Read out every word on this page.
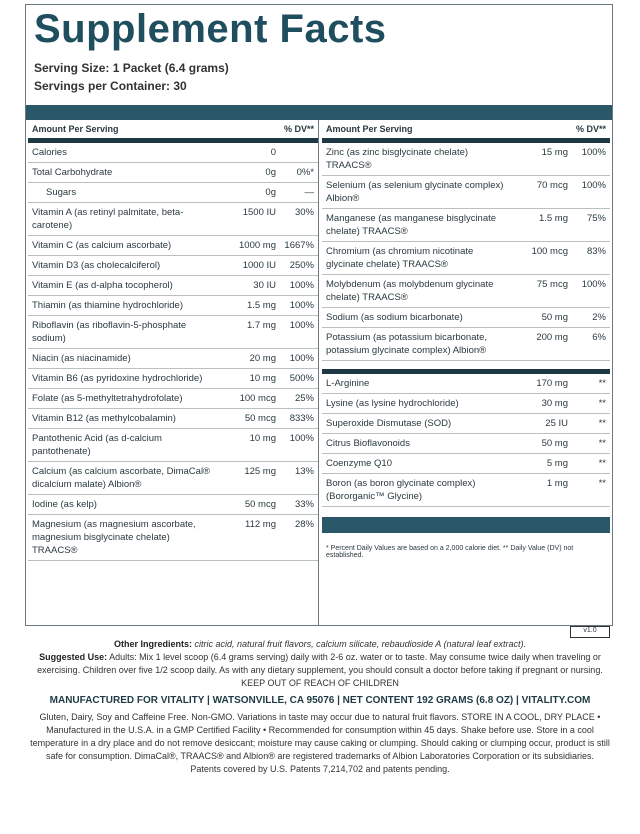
Supplement Facts
Serving Size: 1 Packet (6.4 grams)
Servings per Container: 30
Amount Per Serving	% DV**
Calories	0
Total Carbohydrate	0g	0%*
Sugars	0g	—
Vitamin A (as retinyl palmitate, beta-carotene)
1500 IU	30%
Vitamin C (as calcium ascorbate)	1000 mg 1667%
Vitamin D3 (as cholecalciferol)	1000 IU	250%
Vitamin E (as d-alpha tocopherol)	30 IU	100%
Thiamin (as thiamine hydrochloride)	1.5 mg	100%
Riboflavin (as riboflavin-5-phosphate sodium)
1.7 mg	100%
Niacin (as niacinamide)	20 mg	100%
Vitamin B6 (as pyridoxine hydrochloride)	10 mg	500%
Folate (as 5-methyltetrahydrofolate)	100 mcg	25%
Vitamin B12 (as methylcobalamin)	50 mcg	833%
Pantothenic Acid (as d-calcium pantothenate)
10 mg	100%
Calcium (as calcium ascorbate, DimaCal® dicalcium malate) Albion®
125 mg	13%
Iodine (as kelp)	50 mcg	33%
Magnesium (as magnesium ascorbate, magnesium bisglycinate chelate) TRAACS®
112 mg	28%
Amount Per Serving	% DV**
Zinc (as zinc bisglycinate chelate) TRAACS®
15 mg	100%
Selenium (as selenium glycinate complex) Albion®
70 mcg	100%
Manganese (as manganese bisglycinate chelate) TRAACS®
1.5 mg	75%
Chromium (as chromium nicotinate glycinate chelate) TRAACS®
100 mcg	83%
Molybdenum (as molybdenum glycinate chelate) TRAACS®
75 mcg	100%
Sodium (as sodium bicarbonate)	50 mg	2%
Potassium (as potassium bicarbonate, potassium glycinate complex) Albion®
200 mg	6%
L-Arginine	170 mg	**
Lysine (as lysine hydrochloride)	30 mg	**
Superoxide Dismutase (SOD)	25 IU	**
Citrus Bioflavonoids	50 mg	**
Coenzyme Q10	5 mg	**
Boron (as boron glycinate complex) (Bororganic™ Glycine)
1 mg	**
* Percent Daily Values are based on a 2,000 calorie diet. ** Daily Value (DV) not established.
v1.0
Other Ingredients: citric acid, natural fruit flavors, calcium silicate, rebaudioside A (natural leaf extract).
Suggested Use: Adults: Mix 1 level scoop (6.4 grams serving) daily with 2-6 oz. water or to taste. May consume twice daily when traveling or exercising. Children over five 1/2 scoop daily. As with any dietary supplement, you should consult a doctor before taking if pregnant or nursing.
KEEP OUT OF REACH OF CHILDREN
MANUFACTURED FOR VITALITY | WATSONVILLE, CA 95076 | NET CONTENT 192 GRAMS (6.8 OZ) | VITALITY.COM
Gluten, Dairy, Soy and Caffeine Free. Non-GMO. Variations in taste may occur due to natural fruit flavors. STORE IN A COOL, DRY PLACE • Manufactured in the U.S.A. in a GMP Certified Facility • Recommended for consumption within 45 days. Shake before use. Store in a cool temperature in a dry place and do not remove desiccant; moisture may cause caking or clumping. Should caking or clumping occur, product is still safe for consumption. DimaCal®, TRAACS® and Albion® are registered trademarks of Albion Laboratories Corporation or its subsidiaries. Patents covered by U.S. Patents 7,214,702 and patents pending.
